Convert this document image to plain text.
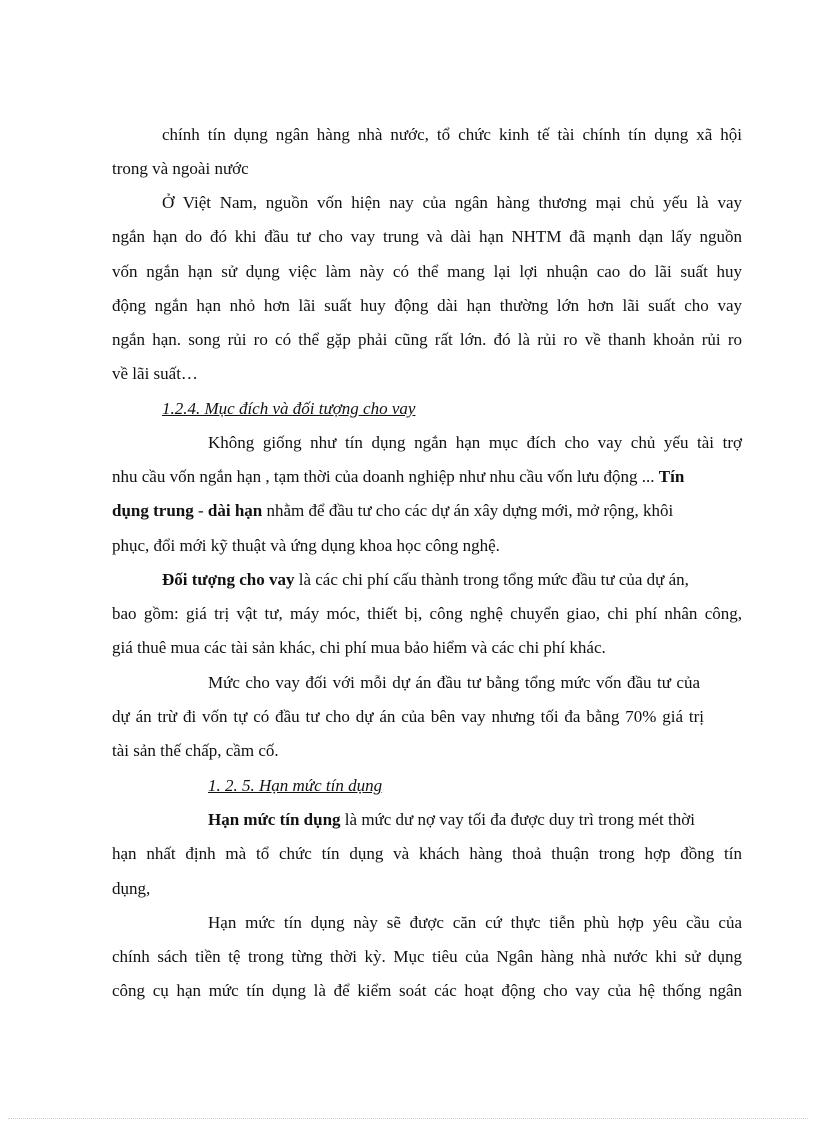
chính tín dụng ngân hàng nhà nước, tổ chức kinh tế tài chính tín dụng xã hội
trong và ngoài nước
Ở Việt Nam, nguồn vốn hiện nay của ngân hàng thương mại chủ yếu là vay
ngắn hạn do đó khi đầu tư cho vay trung và dài hạn NHTM đã mạnh dạn lấy nguồn
vốn ngắn hạn sử dụng việc làm này có thể mang lại lợi nhuận cao do lãi suất huy
động ngắn hạn nhỏ hơn lãi suất huy động dài hạn thường lớn hơn lãi suất cho vay
ngắn hạn. song rủi ro có thể gặp phải cũng rất lớn. đó là rủi ro về thanh khoản rủi ro
về lãi suất…
1.2.4. Mục đích và đối tượng cho vay
Không giống như tín dụng ngắn hạn mục đích cho vay chủ yếu tài trợ
nhu cầu vốn ngắn hạn , tạm thời của doanh nghiệp như nhu cầu vốn lưu động ... Tín
dụng trung - dài hạn nhằm để đầu tư cho các dự án xây dựng mới, mở rộng, khôi
phục, đổi mới kỹ thuật và ứng dụng khoa học công nghệ.
Đối tượng cho vay là các chi phí cấu thành trong tổng mức đầu tư của dự án,
bao gồm: giá trị vật tư, máy móc, thiết bị, công nghệ chuyển giao, chi phí nhân công,
giá thuê mua các tài sản khác, chi phí mua bảo hiểm và các chi phí khác.
Mức cho vay đối với mỗi dự án đầu tư bằng tổng mức vốn đầu tư của
dự án trừ đi vốn tự có đầu tư cho dự án của bên vay nhưng tối đa bằng 70% giá trị
tài sản thế chấp, cầm cố.
1. 2. 5. Hạn mức tín dụng
Hạn mức tín dụng là mức dư nợ vay tối đa được duy trì trong mét thời
hạn nhất định mà tổ chức tín dụng và khách hàng thoả thuận trong hợp đồng tín
dụng,
Hạn mức tín dụng này sẽ được căn cứ thực tiễn phù hợp yêu cầu của
chính sách tiền tệ trong từng thời kỳ. Mục tiêu của Ngân hàng nhà nước khi sử dụng
công cụ hạn mức tín dụng là để kiểm soát các hoạt động cho vay của hệ thống ngân
